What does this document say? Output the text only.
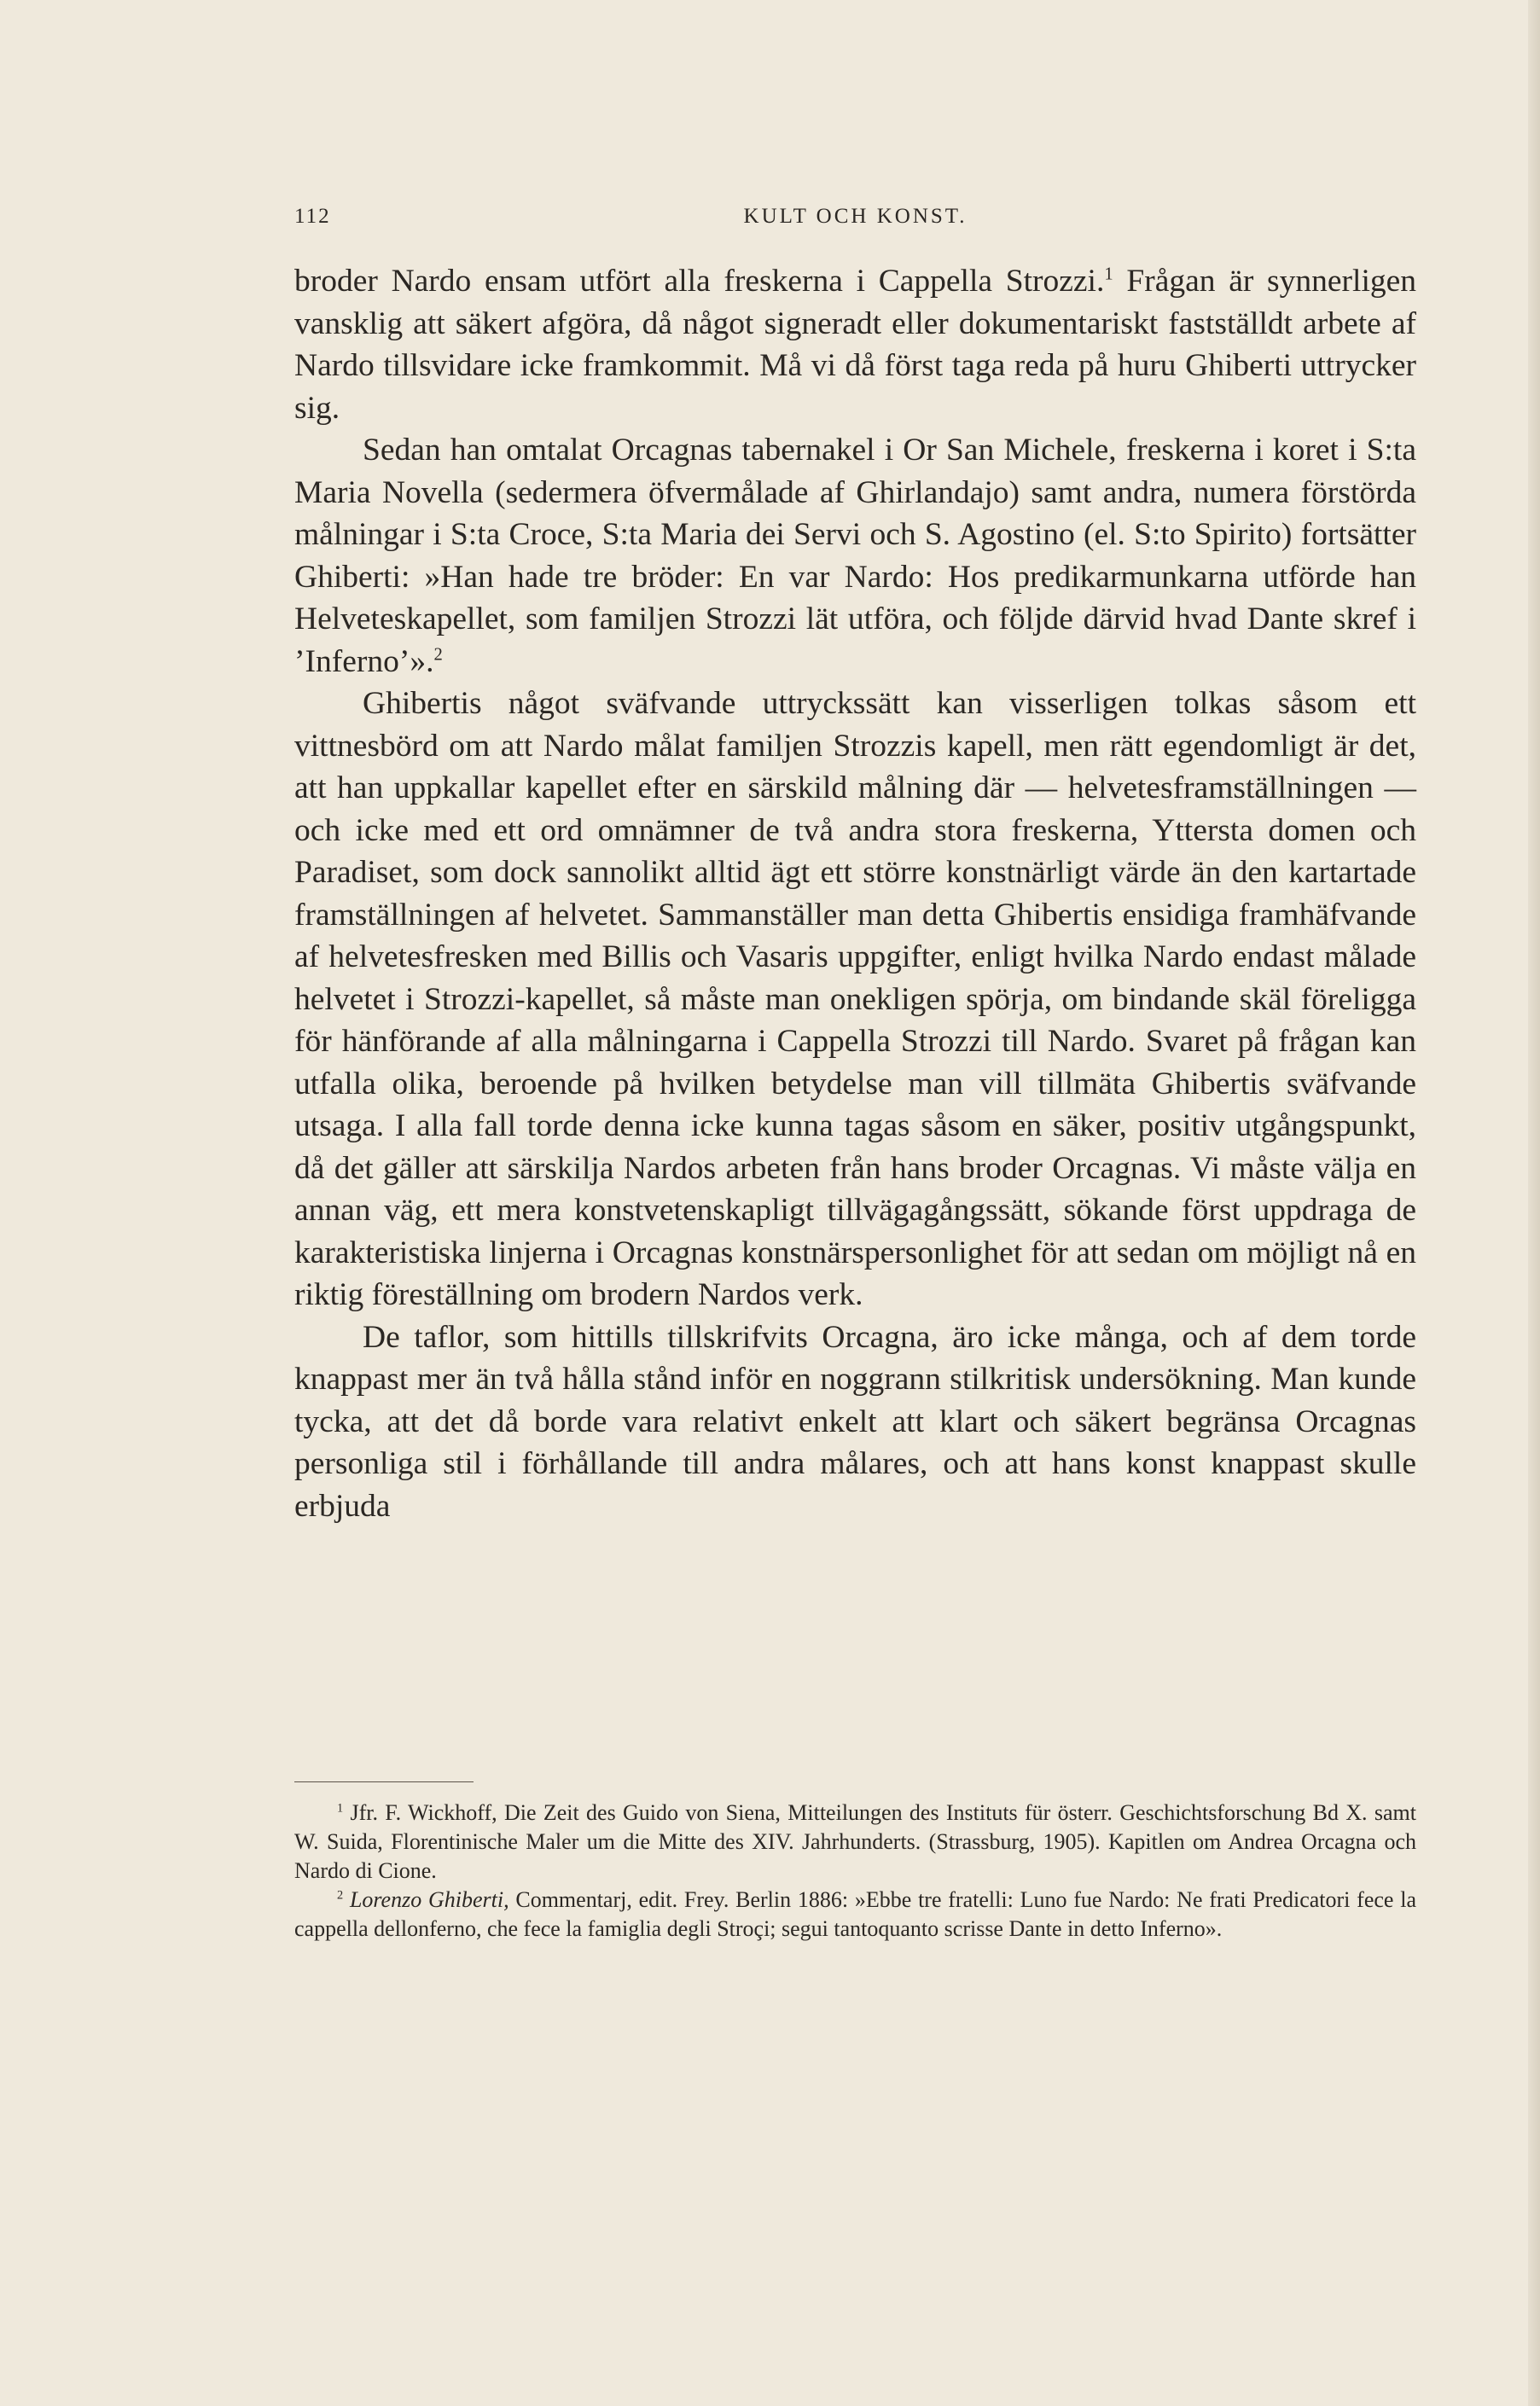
112	KULT OCH KONST.

broder Nardo ensam utfört alla freskerna i Cappella Strozzi.$^1$ Frågan är synnerligen vansklig att säkert afgöra, då något signeradt eller dokumentariskt fastställdt arbete af Nardo tillsvidare icke framkommit. Må vi då först taga reda på huru Ghiberti uttrycker sig.

Sedan han omtalat Orcagnas tabernakel i Or San Michele, freskerna i koret i S:ta Maria Novella (sedermera öfvermålade af Ghirlandajo) samt andra, numera förstörda målningar i S:ta Croce, S:ta Maria dei Servi och S. Agostino (el. S:to Spirito) fortsätter Ghiberti: »Han hade tre bröder: En var Nardo: Hos predikarmunkarna utförde han Helveteskapellet, som familjen Strozzi lät utföra, och följde därvid hvad Dante skref i ’Inferno’».$^2$

Ghibertis något sväfvande uttryckssätt kan visserligen tolkas såsom ett vittnesbörd om att Nardo målat familjen Strozzis kapell, men rätt egendomligt är det, att han uppkallar kapellet efter en särskild målning där — helvetesframställningen — och icke med ett ord omnämner de två andra stora freskerna, Yttersta domen och Paradiset, som dock sannolikt alltid ägt ett större konstnärligt värde än den kartartade framställningen af helvetet. Sammanställer man detta Ghibertis ensidiga framhäfvande af helvetesfresken med Billis och Vasaris uppgifter, enligt hvilka Nardo endast målade helvetet i Strozzi-kapellet, så måste man onekligen spörja, om bindande skäl föreligga för hänförande af alla målningarna i Cappella Strozzi till Nardo. Svaret på frågan kan utfalla olika, beroende på hvilken betydelse man vill tillmäta Ghibertis sväfvande utsaga. I alla fall torde denna icke kunna tagas såsom en säker, positiv utgångspunkt, då det gäller att särskilja Nardos arbeten från hans broder Orcagnas. Vi måste välja en annan väg, ett mera konstvetenskapligt tillvägagångssätt, sökande först uppdraga de karakteristiska linjerna i Orcagnas konstnärspersonlighet för att sedan om möjligt nå en riktig föreställning om brodern Nardos verk.

De taflor, som hittills tillskrifvits Orcagna, äro icke många, och af dem torde knappast mer än två hålla stånd inför en noggrann stilkritisk undersökning. Man kunde tycka, att det då borde vara relativt enkelt att klart och säkert begränsa Orcagnas personliga stil i förhållande till andra målares, och att hans konst knappast skulle erbjuda

$^1$ Jfr. F. Wickhoff, Die Zeit des Guido von Siena, Mitteilungen des Instituts für österr. Geschichtsforschung Bd X. samt W. Suida, Florentinische Maler um die Mitte des XIV. Jahrhunderts. (Strassburg, 1905). Kapitlen om Andrea Orcagna och Nardo di Cione.

$^2$ Lorenzo Ghiberti, Commentarj, edit. Frey. Berlin 1886: »Ebbe tre fratelli: Luno fue Nardo: Ne frati Predicatori fece la cappella dellonferno, che fece la famiglia degli Stroçi; segui tantoquanto scrisse Dante in detto Inferno».
